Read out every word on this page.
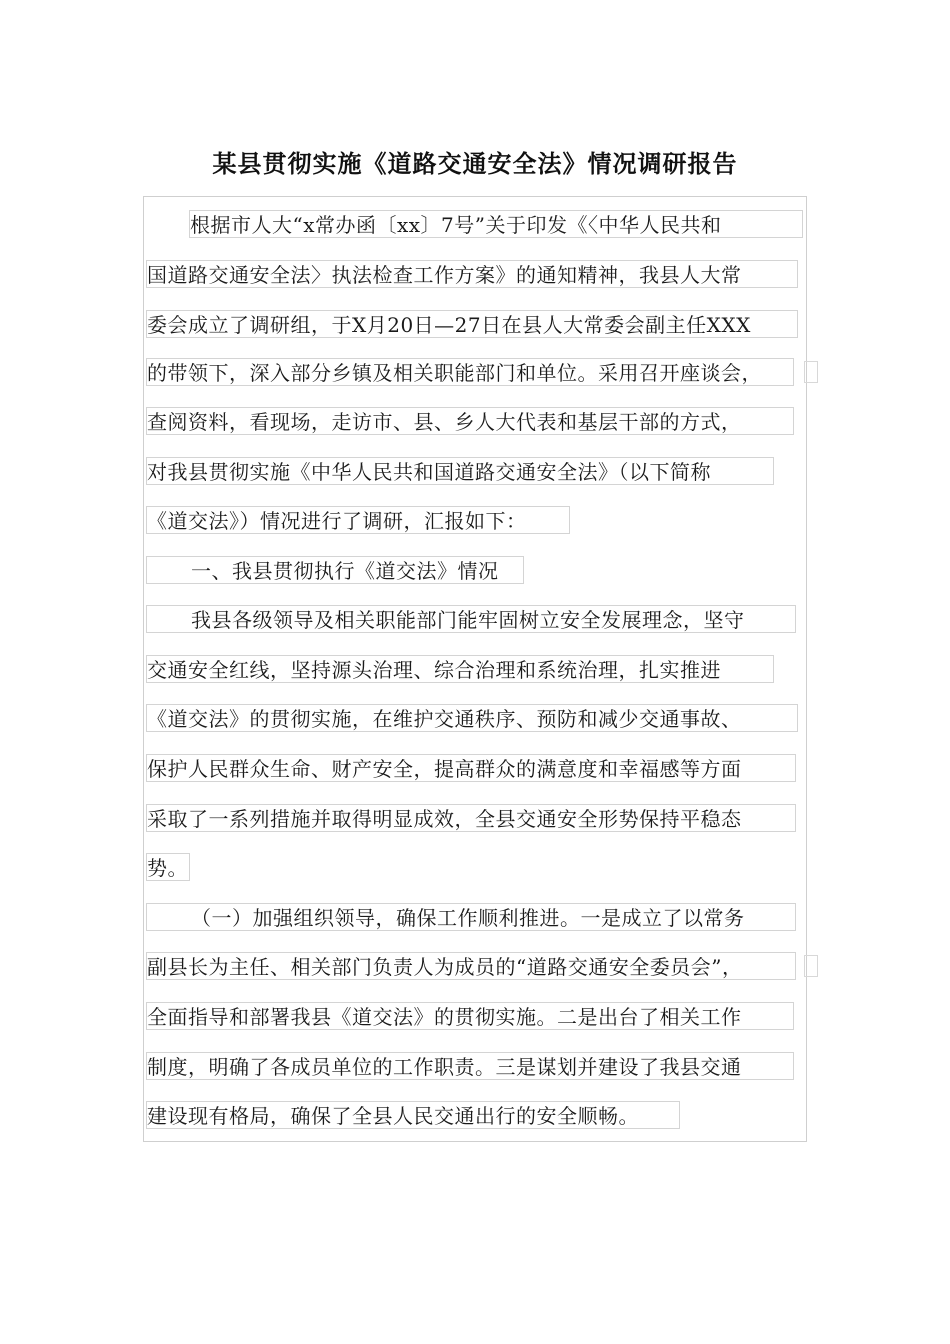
某县贯彻实施《道路交通安全法》情况调研报告
根据市人大“x常办函〔xx〕7号”关于印发《〈中华人民共和
国道路交通安全法〉执法检查工作方案》的通知精神，我县人大常
委会成立了调研组，于X月20日—27日在县人大常委会副主任XXX
的带领下，深入部分乡镇及相关职能部门和单位。采用召开座谈会，
查阅资料，看现场，走访市、县、乡人大代表和基层干部的方式，
对我县贯彻实施《中华人民共和国道路交通安全法》（以下简称
《道交法》）情况进行了调研，汇报如下：
一、我县贯彻执行《道交法》情况
我县各级领导及相关职能部门能牢固树立安全发展理念，坚守
交通安全红线，坚持源头治理、综合治理和系统治理，扎实推进
《道交法》的贯彻实施，在维护交通秩序、预防和减少交通事故、
保护人民群众生命、财产安全，提高群众的满意度和幸福感等方面
采取了一系列措施并取得明显成效，全县交通安全形势保持平稳态
势。
（一）加强组织领导，确保工作顺利推进。一是成立了以常务
副县长为主任、相关部门负责人为成员的“道路交通安全委员会”，
全面指导和部署我县《道交法》的贯彻实施。二是出台了相关工作
制度，明确了各成员单位的工作职责。三是谋划并建设了我县交通
建设现有格局，确保了全县人民交通出行的安全顺畅。
